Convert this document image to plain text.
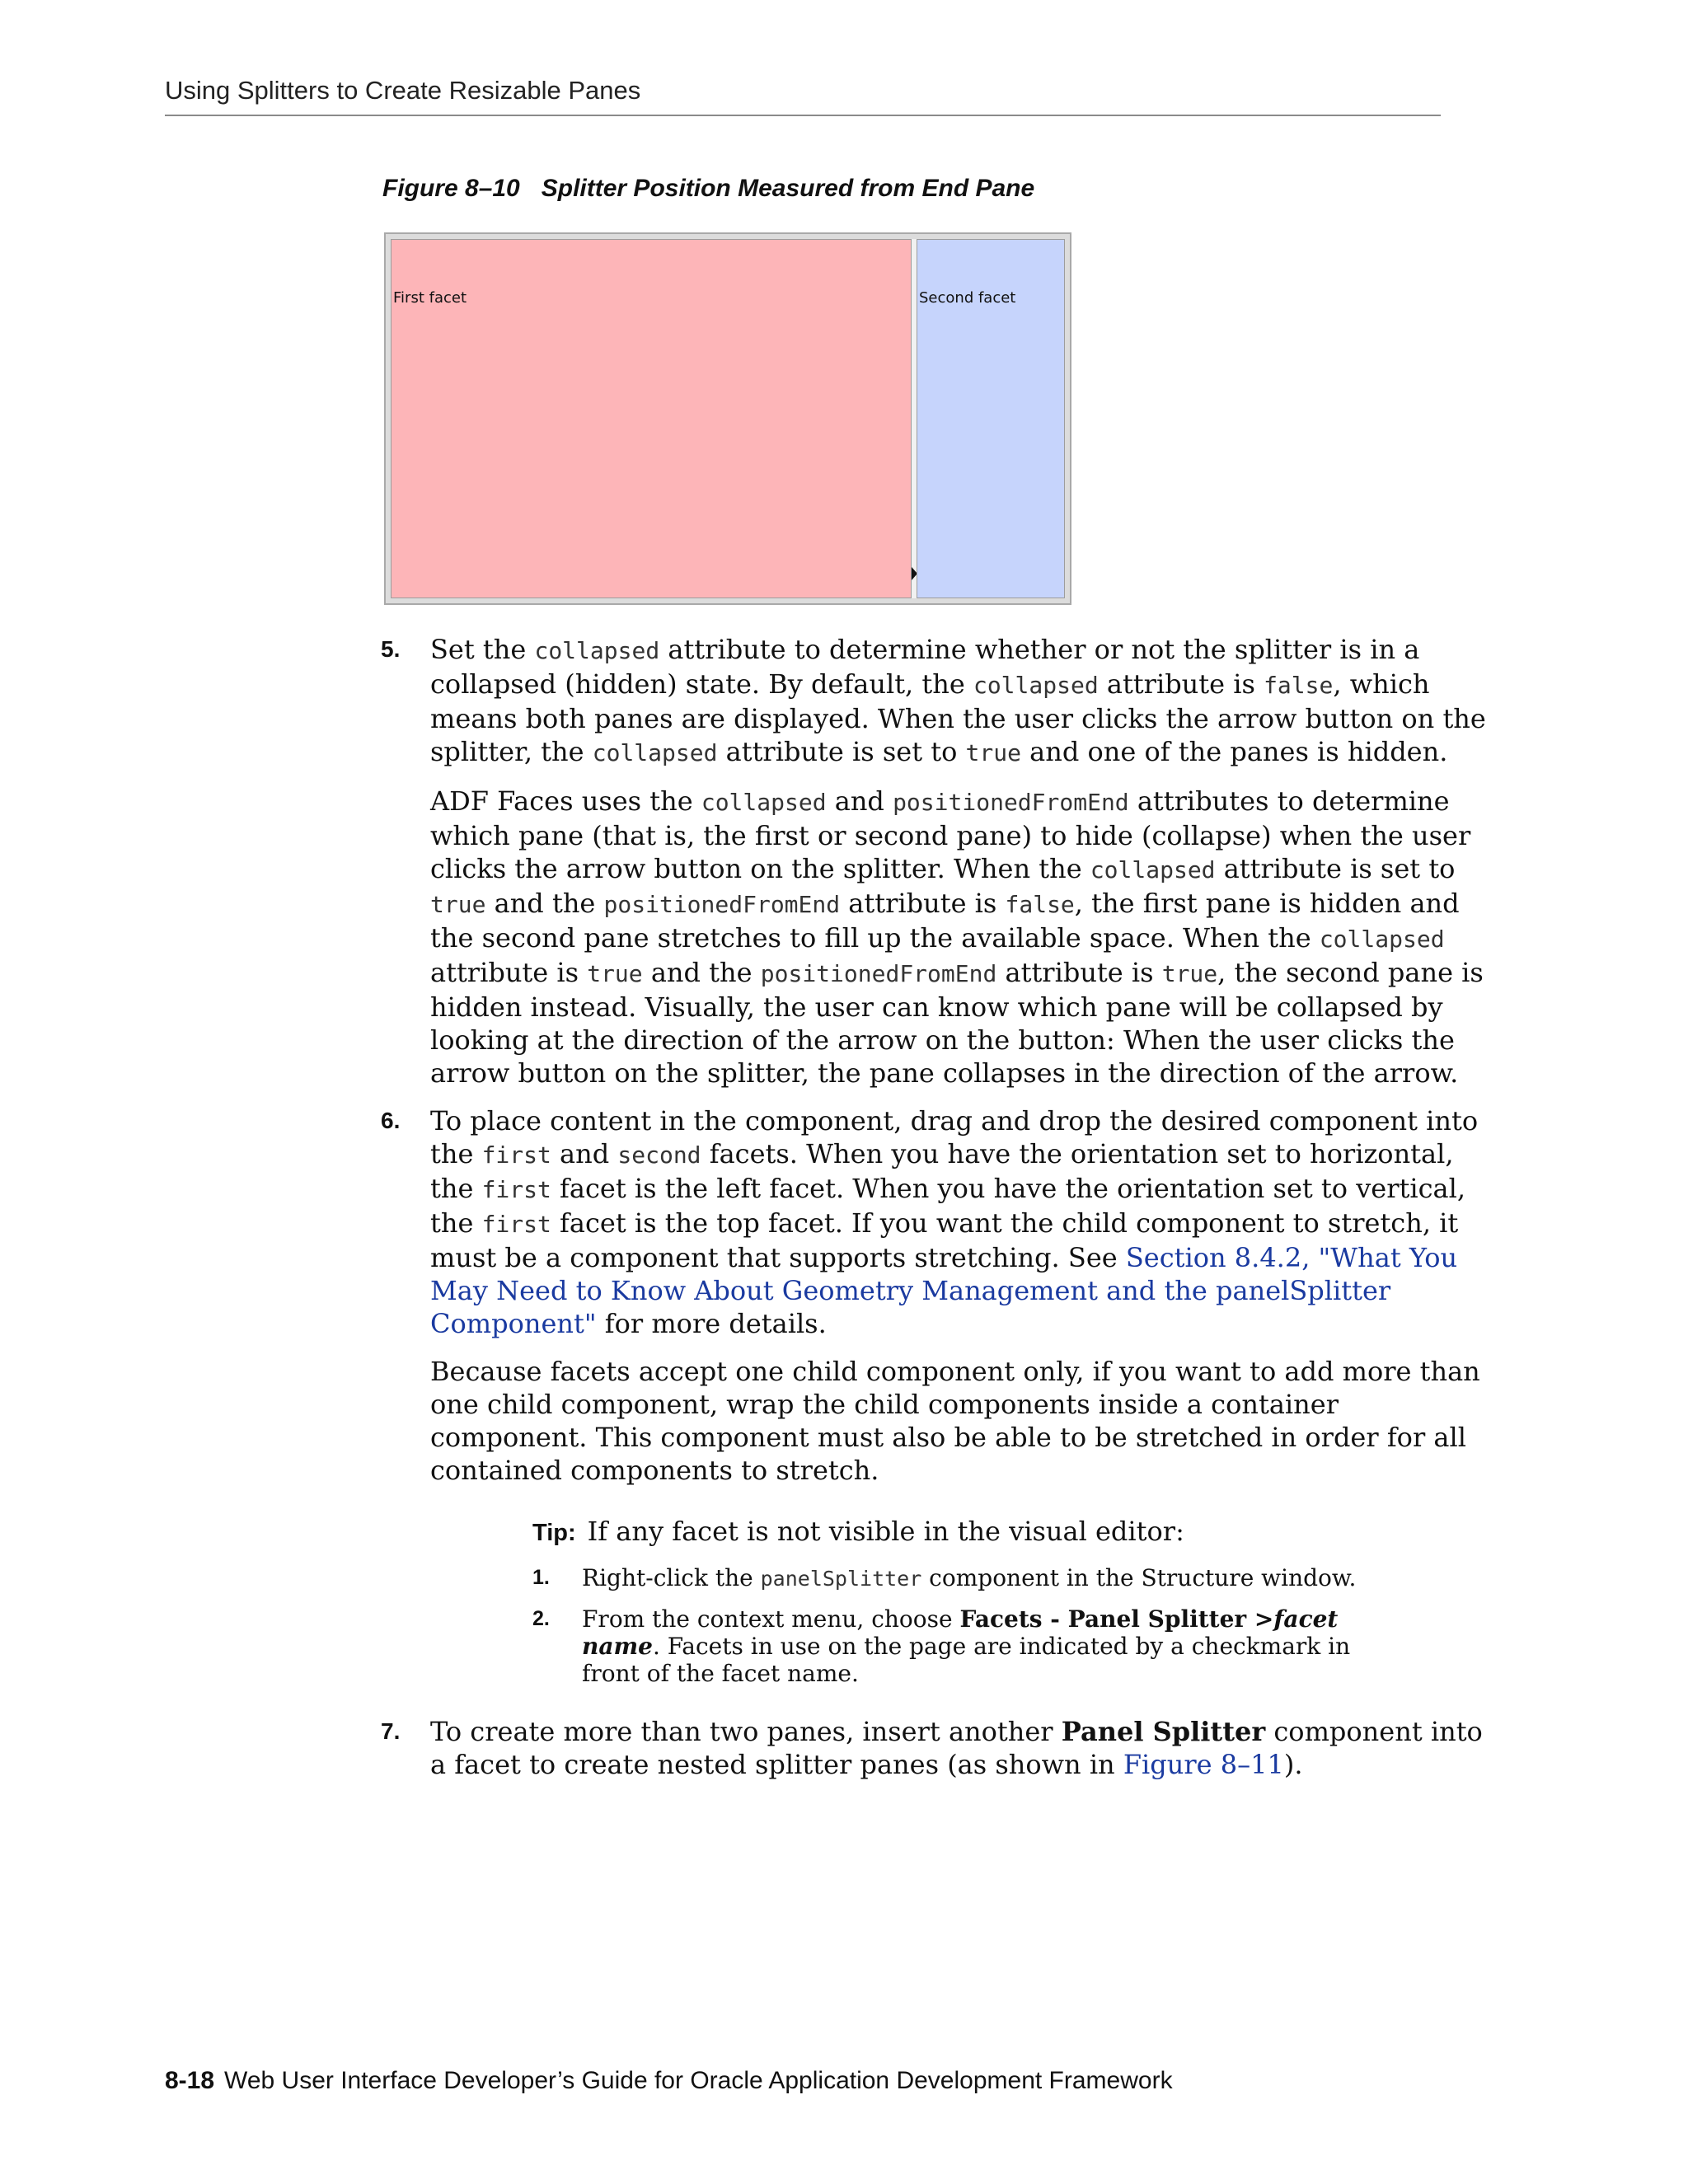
Using Splitters to Create Resizable Panes
Figure 8–10 Splitter Position Measured from End Pane
First facet	Second facet
5. Set the collapsed attribute to determine whether or not the splitter is in a collapsed (hidden) state. By default, the collapsed attribute is false, which means both panes are displayed. When the user clicks the arrow button on the splitter, the collapsed attribute is set to true and one of the panes is hidden.
ADF Faces uses the collapsed and positionedFromEnd attributes to determine which pane (that is, the first or second pane) to hide (collapse) when the user clicks the arrow button on the splitter. When the collapsed attribute is set to true and the positionedFromEnd attribute is false, the first pane is hidden and the second pane stretches to fill up the available space. When the collapsed attribute is true and the positionedFromEnd attribute is true, the second pane is hidden instead. Visually, the user can know which pane will be collapsed by looking at the direction of the arrow on the button: When the user clicks the arrow button on the splitter, the pane collapses in the direction of the arrow.
6. To place content in the component, drag and drop the desired component into the first and second facets. When you have the orientation set to horizontal, the first facet is the left facet. When you have the orientation set to vertical, the first facet is the top facet. If you want the child component to stretch, it must be a component that supports stretching. See Section 8.4.2, "What You May Need to Know About Geometry Management and the panelSplitter Component" for more details.
Because facets accept one child component only, if you want to add more than one child component, wrap the child components inside a container component. This component must also be able to be stretched in order for all contained components to stretch.
Tip: If any facet is not visible in the visual editor:
1. Right-click the panelSplitter component in the Structure window.
2. From the context menu, choose Facets - Panel Splitter >facet name. Facets in use on the page are indicated by a checkmark in front of the facet name.
7. To create more than two panes, insert another Panel Splitter component into a facet to create nested splitter panes (as shown in Figure 8–11).
8-18 Web User Interface Developer’s Guide for Oracle Application Development Framework
